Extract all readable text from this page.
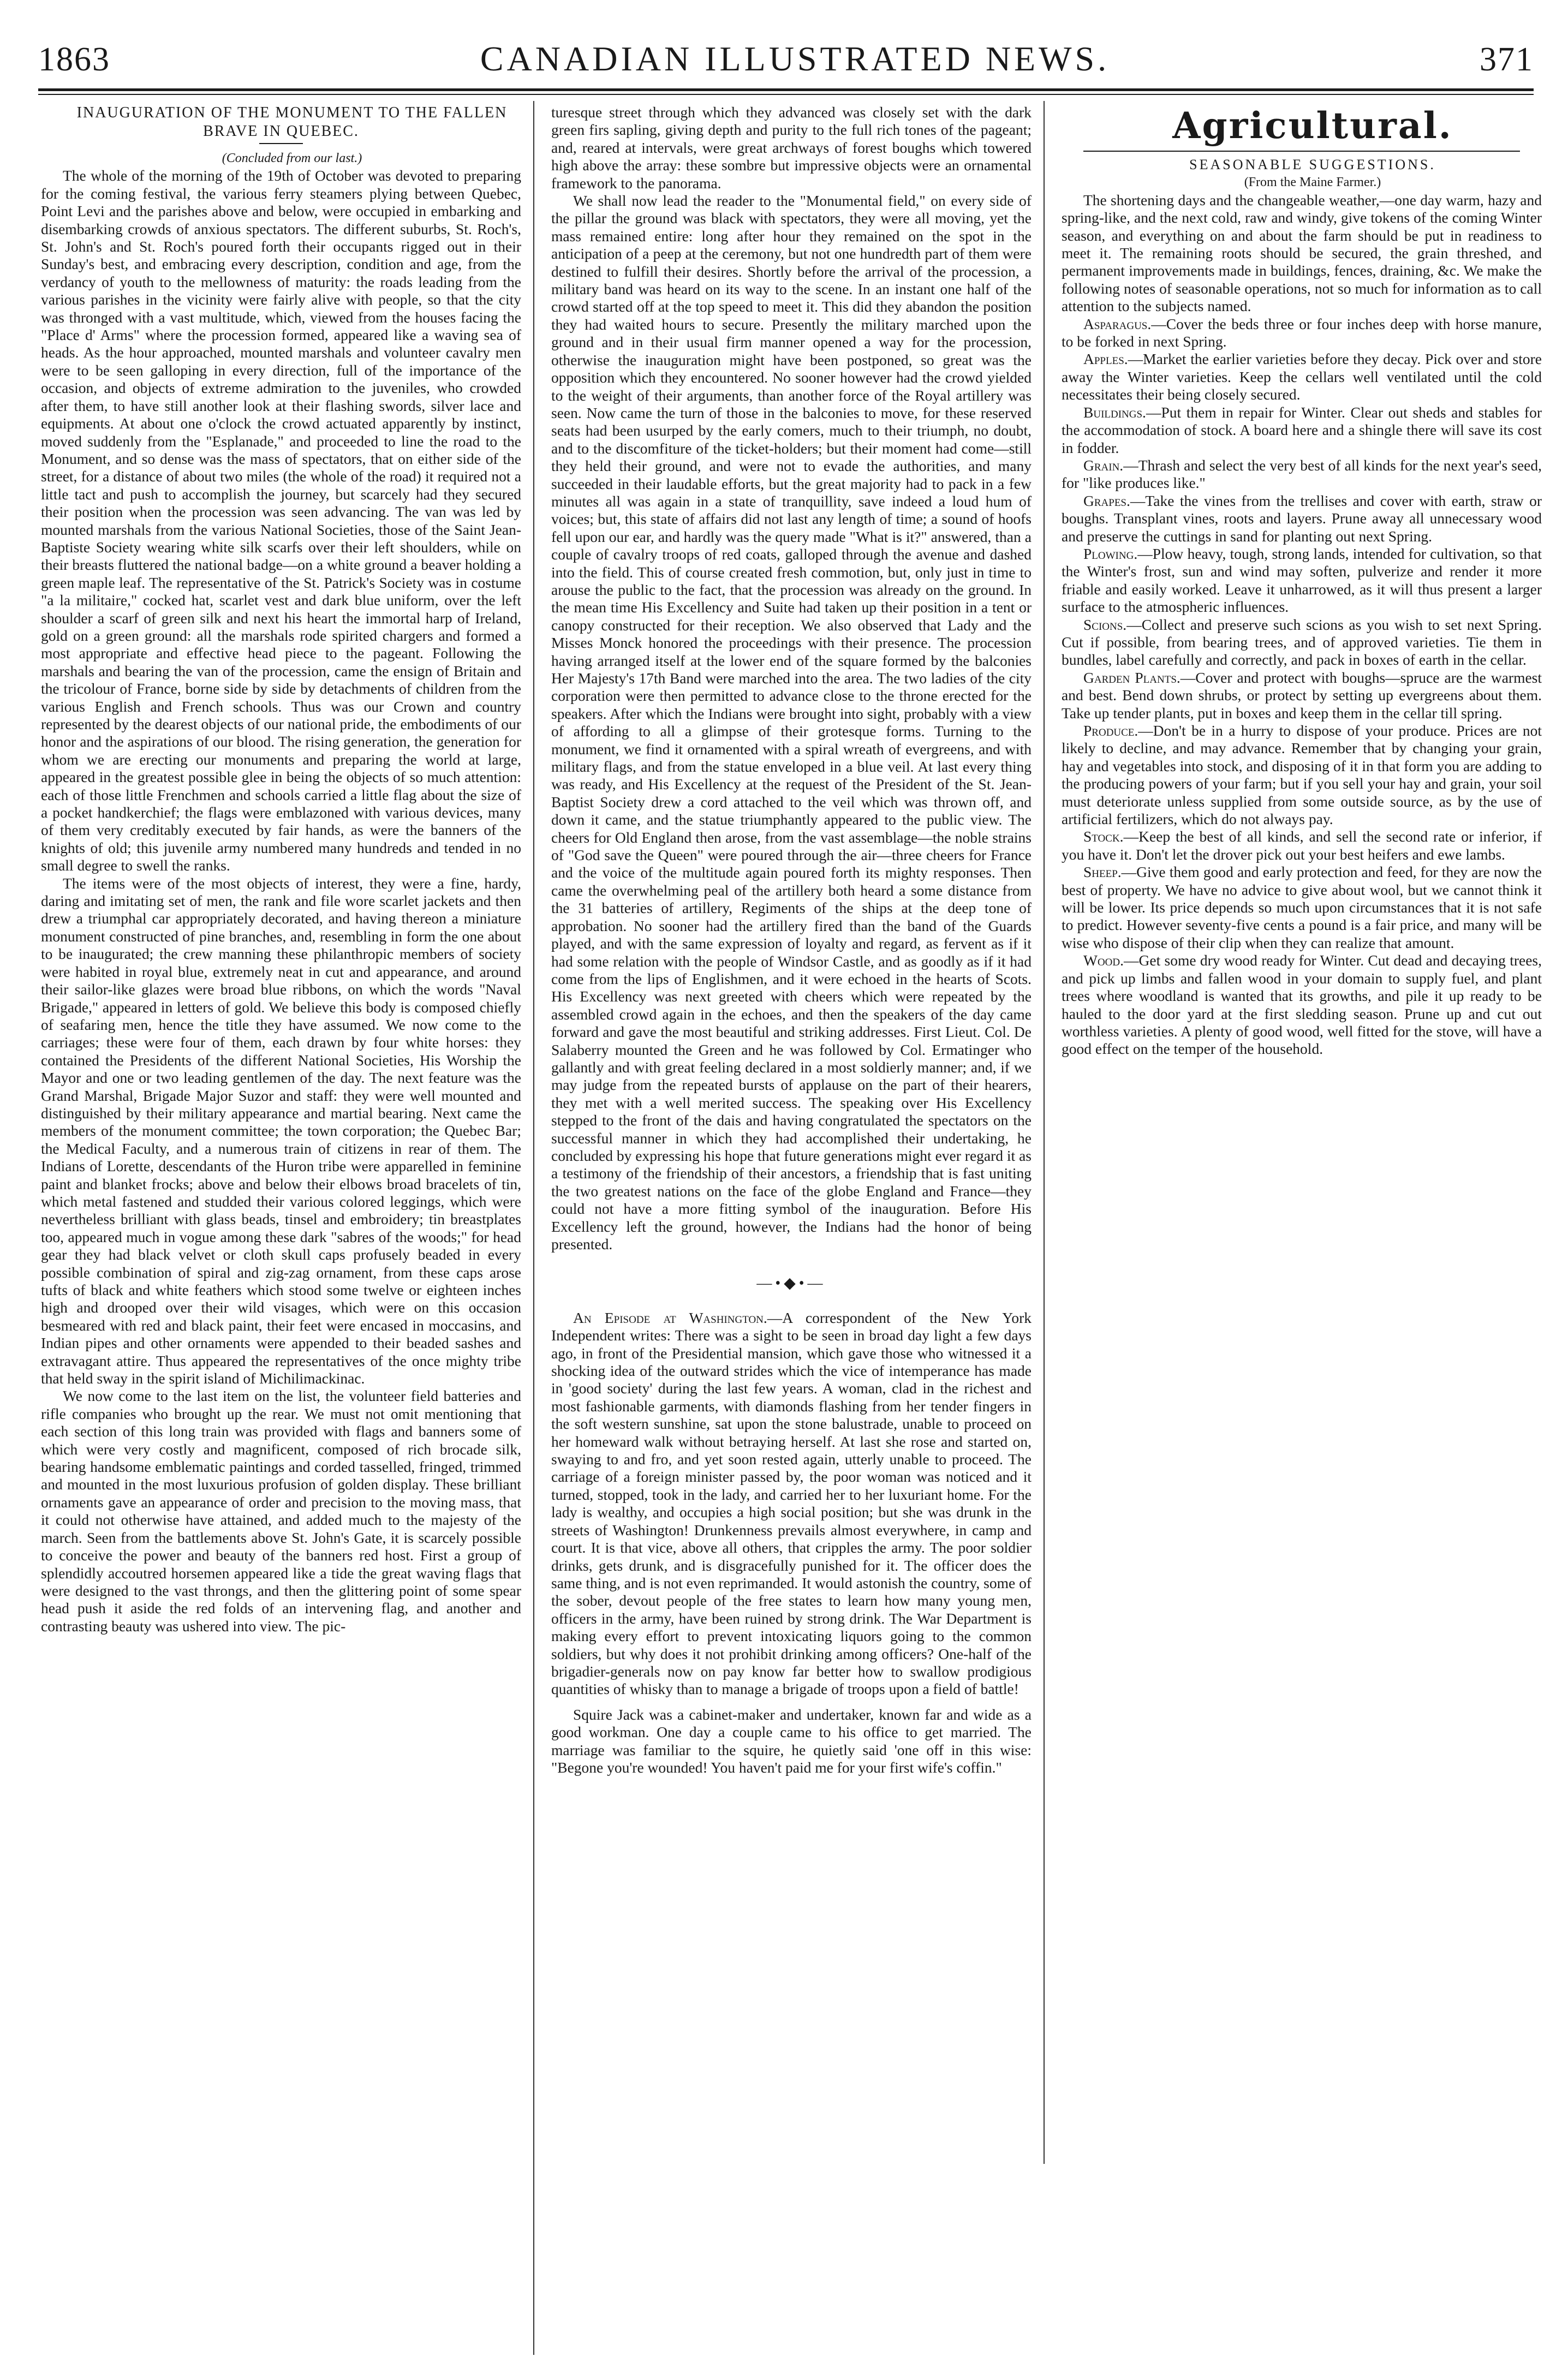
1863	CANADIAN ILLUSTRATED NEWS.	371

INAUGURATION OF THE MONUMENT TO THE FALLEN BRAVE IN QUEBEC.

(Concluded from our last.)

The whole of the morning of the 19th of October was devoted to preparing for the coming festival, the various ferry steamers plying between Quebec, Point Levi and the parishes above and below, were occupied in embarking and disembarking crowds of anxious spectators. The different suburbs, St. Roch's, St. John's and St. Roch's poured forth their occupants rigged out in their Sunday's best, and embracing every description, condition and age, from the verdancy of youth to the mellowness of maturity: the roads leading from the various parishes in the vicinity were fairly alive with people, so that the city was thronged with a vast multitude, which, viewed from the houses facing the "Place d' Arms" where the procession formed, appeared like a waving sea of heads. As the hour approached, mounted marshals and volunteer cavalry men were to be seen galloping in every direction, full of the importance of the occasion, and objects of extreme admiration to the juveniles, who crowded after them, to have still another look at their flashing swords, silver lace and equipments. At about one o'clock the crowd actuated apparently by instinct, moved suddenly from the "Esplanade," and proceeded to line the road to the Monument, and so dense was the mass of spectators, that on either side of the street, for a distance of about two miles (the whole of the road) it required not a little tact and push to accomplish the journey, but scarcely had they secured their position when the procession was seen advancing. The van was led by mounted marshals from the various National Societies, those of the Saint Jean-Baptiste Society wearing white silk scarfs over their left shoulders, while on their breasts fluttered the national badge—on a white ground a beaver holding a green maple leaf. The representative of the St. Patrick's Society was in costume "a la militaire," cocked hat, scarlet vest and dark blue uniform, over the left shoulder a scarf of green silk and next his heart the immortal harp of Ireland, gold on a green ground: all the marshals rode spirited chargers and formed a most appropriate and effective head piece to the pageant. Following the marshals and bearing the van of the procession, came the ensign of Britain and the tricolour of France, borne side by side by detachments of children from the various English and French schools. Thus was our Crown and country represented by the dearest objects of our national pride, the embodiments of our honor and the aspirations of our blood. The rising generation, the generation for whom we are erecting our monuments and preparing the world at large, appeared in the greatest possible glee in being the objects of so much attention: each of those little Frenchmen and schools carried a little flag about the size of a pocket handkerchief; the flags were emblazoned with various devices, many of them very creditably executed by fair hands, as were the banners of the knights of old; this juvenile army numbered many hundreds and tended in no small degree to swell the ranks.

The items were of the most objects of interest, they were a fine, hardy, daring and imitating set of men, the rank and file wore scarlet jackets and then drew a triumphal car appropriately decorated, and having thereon a miniature monument constructed of pine branches, and, resembling in form the one about to be inaugurated; the crew manning these philanthropic members of society were habited in royal blue, extremely neat in cut and appearance, and around their sailor-like glazes were broad blue ribbons, on which the words "Naval Brigade," appeared in letters of gold. We believe this body is composed chiefly of seafaring men, hence the title they have assumed. We now come to the carriages; these were four of them, each drawn by four white horses: they contained the Presidents of the different National Societies, His Worship the Mayor and one or two leading gentlemen of the day. The next feature was the Grand Marshal, Brigade Major Suzor and staff: they were well mounted and distinguished by their military appearance and martial bearing. Next came the members of the monument committee; the town corporation; the Quebec Bar; the Medical Faculty, and a numerous train of citizens in rear of them. The Indians of Lorette, descendants of the Huron tribe were apparelled in feminine paint and blanket frocks; above and below their elbows broad bracelets of tin, which metal fastened and studded their various colored leggings, which were nevertheless brilliant with glass beads, tinsel and embroidery; tin breastplates too, appeared much in vogue among these dark "sabres of the woods;" for head gear they had black velvet or cloth skull caps profusely beaded in every possible combination of spiral and zig-zag ornament, from these caps arose tufts of black and white feathers which stood some twelve or eighteen inches high and drooped over their wild visages, which were on this occasion besmeared with red and black paint, their feet were encased in moccasins, and Indian pipes and other ornaments were appended to their beaded sashes and extravagant attire. Thus appeared the representatives of the once mighty tribe that held sway in the spirit island of Michilimackinac.

We now come to the last item on the list, the volunteer field batteries and rifle companies who brought up the rear. We must not omit mentioning that each section of this long train was provided with flags and banners some of which were very costly and magnificent, composed of rich brocade silk, bearing handsome emblematic paintings and corded tasselled, fringed, trimmed and mounted in the most luxurious profusion of golden display. These brilliant ornaments gave an appearance of order and precision to the moving mass, that it could not otherwise have attained, and added much to the majesty of the march. Seen from the battlements above St. John's Gate, it is scarcely possible to conceive the power and beauty of the banners red host. First a group of splendidly accoutred horsemen appeared like a tide the great waving flags that were designed to the vast throngs, and then the glittering point of some spear head push it aside the red folds of an intervening flag, and another and contrasting beauty was ushered into view. The pic-

turesque street through which they advanced was closely set with the dark green firs sapling, giving depth and purity to the full rich tones of the pageant; and, reared at intervals, were great archways of forest boughs which towered high above the array: these sombre but impressive objects were an ornamental framework to the panorama.

We shall now lead the reader to the "Monumental field," on every side of the pillar the ground was black with spectators, they were all moving, yet the mass remained entire: long after hour they remained on the spot in the anticipation of a peep at the ceremony, but not one hundredth part of them were destined to fulfill their desires. Shortly before the arrival of the procession, a military band was heard on its way to the scene. In an instant one half of the crowd started off at the top speed to meet it. This did they abandon the position they had waited hours to secure. Presently the military marched upon the ground and in their usual firm manner opened a way for the procession, otherwise the inauguration might have been postponed, so great was the opposition which they encountered. No sooner however had the crowd yielded to the weight of their arguments, than another force of the Royal artillery was seen. Now came the turn of those in the balconies to move, for these reserved seats had been usurped by the early comers, much to their triumph, no doubt, and to the discomfiture of the ticket-holders; but their moment had come—still they held their ground, and were not to evade the authorities, and many succeeded in their laudable efforts, but the great majority had to pack in a few minutes all was again in a state of tranquillity, save indeed a loud hum of voices; but, this state of affairs did not last any length of time; a sound of hoofs fell upon our ear, and hardly was the query made "What is it?" answered, than a couple of cavalry troops of red coats, galloped through the avenue and dashed into the field. This of course created fresh commotion, but, only just in time to arouse the public to the fact, that the procession was already on the ground. In the mean time His Excellency and Suite had taken up their position in a tent or canopy constructed for their reception. We also observed that Lady and the Misses Monck honored the proceedings with their presence. The procession having arranged itself at the lower end of the square formed by the balconies Her Majesty's 17th Band were marched into the area. The two ladies of the city corporation were then permitted to advance close to the throne erected for the speakers. After which the Indians were brought into sight, probably with a view of affording to all a glimpse of their grotesque forms. Turning to the monument, we find it ornamented with a spiral wreath of evergreens, and with military flags, and from the statue enveloped in a blue veil. At last every thing was ready, and His Excellency at the request of the President of the St. Jean-Baptist Society drew a cord attached to the veil which was thrown off, and down it came, and the statue triumphantly appeared to the public view. The cheers for Old England then arose, from the vast assemblage—the noble strains of "God save the Queen" were poured through the air—three cheers for France and the voice of the multitude again poured forth its mighty responses. Then came the overwhelming peal of the artillery both heard a some distance from the 31 batteries of artillery, Regiments of the ships at the deep tone of approbation. No sooner had the artillery fired than the band of the Guards played, and with the same expression of loyalty and regard, as fervent as if it had some relation with the people of Windsor Castle, and as goodly as if it had come from the lips of Englishmen, and it were echoed in the hearts of Scots. His Excellency was next greeted with cheers which were repeated by the assembled crowd again in the echoes, and then the speakers of the day came forward and gave the most beautiful and striking addresses. First Lieut. Col. De Salaberry mounted the Green and he was followed by Col. Ermatinger who gallantly and with great feeling declared in a most soldierly manner; and, if we may judge from the repeated bursts of applause on the part of their hearers, they met with a well merited success. The speaking over His Excellency stepped to the front of the dais and having congratulated the spectators on the successful manner in which they had accomplished their undertaking, he concluded by expressing his hope that future generations might ever regard it as a testimony of the friendship of their ancestors, a friendship that is fast uniting the two greatest nations on the face of the globe England and France—they could not have a more fitting symbol of the inauguration. Before His Excellency left the ground, however, the Indians had the honor of being presented.

—•◆•—

An Episode at Washington.—A correspondent of the New York Independent writes: There was a sight to be seen in broad day light a few days ago, in front of the Presidential mansion, which gave those who witnessed it a shocking idea of the outward strides which the vice of intemperance has made in 'good society' during the last few years. A woman, clad in the richest and most fashionable garments, with diamonds flashing from her tender fingers in the soft western sunshine, sat upon the stone balustrade, unable to proceed on her homeward walk without betraying herself. At last she rose and started on, swaying to and fro, and yet soon rested again, utterly unable to proceed. The carriage of a foreign minister passed by, the poor woman was noticed and it turned, stopped, took in the lady, and carried her to her luxuriant home. For the lady is wealthy, and occupies a high social position; but she was drunk in the streets of Washington! Drunkenness prevails almost everywhere, in camp and court. It is that vice, above all others, that cripples the army. The poor soldier drinks, gets drunk, and is disgracefully punished for it. The officer does the same thing, and is not even reprimanded. It would astonish the country, some of the sober, devout people of the free states to learn how many young men, officers in the army, have been ruined by strong drink. The War Department is making every effort to prevent intoxicating liquors going to the common soldiers, but why does it not prohibit drinking among officers? One-half of the brigadier-generals now on pay know far better how to swallow prodigious quantities of whisky than to manage a brigade of troops upon a field of battle!

Squire Jack was a cabinet-maker and undertaker, known far and wide as a good workman. One day a couple came to his office to get married. The marriage was familiar to the squire, he quietly said 'one off in this wise: "Begone you're wounded! You haven't paid me for your first wife's coffin."

Agricultural.

SEASONABLE SUGGESTIONS.

(From the Maine Farmer.)

The shortening days and the changeable weather,—one day warm, hazy and spring-like, and the next cold, raw and windy, give tokens of the coming Winter season, and everything on and about the farm should be put in readiness to meet it. The remaining roots should be secured, the grain threshed, and permanent improvements made in buildings, fences, draining, &c. We make the following notes of seasonable operations, not so much for information as to call attention to the subjects named.

Asparagus.—Cover the beds three or four inches deep with horse manure, to be forked in next Spring.

Apples.—Market the earlier varieties before they decay. Pick over and store away the Winter varieties. Keep the cellars well ventilated until the cold necessitates their being closely secured.

Buildings.—Put them in repair for Winter. Clear out sheds and stables for the accommodation of stock. A board here and a shingle there will save its cost in fodder.

Grain.—Thrash and select the very best of all kinds for the next year's seed, for "like produces like."

Grapes.—Take the vines from the trellises and cover with earth, straw or boughs. Transplant vines, roots and layers. Prune away all unnecessary wood and preserve the cuttings in sand for planting out next Spring.

Plowing.—Plow heavy, tough, strong lands, intended for cultivation, so that the Winter's frost, sun and wind may soften, pulverize and render it more friable and easily worked. Leave it unharrowed, as it will thus present a larger surface to the atmospheric influences.

Scions.—Collect and preserve such scions as you wish to set next Spring. Cut if possible, from bearing trees, and of approved varieties. Tie them in bundles, label carefully and correctly, and pack in boxes of earth in the cellar.

Garden Plants.—Cover and protect with boughs—spruce are the warmest and best. Bend down shrubs, or protect by setting up evergreens about them. Take up tender plants, put in boxes and keep them in the cellar till spring.

Produce.—Don't be in a hurry to dispose of your produce. Prices are not likely to decline, and may advance. Remember that by changing your grain, hay and vegetables into stock, and disposing of it in that form you are adding to the producing powers of your farm; but if you sell your hay and grain, your soil must deteriorate unless supplied from some outside source, as by the use of artificial fertilizers, which do not always pay.

Stock.—Keep the best of all kinds, and sell the second rate or inferior, if you have it. Don't let the drover pick out your best heifers and ewe lambs.

Sheep.—Give them good and early protection and feed, for they are now the best of property. We have no advice to give about wool, but we cannot think it will be lower. Its price depends so much upon circumstances that it is not safe to predict. However seventy-five cents a pound is a fair price, and many will be wise who dispose of their clip when they can realize that amount.

Wood.—Get some dry wood ready for Winter. Cut dead and decaying trees, and pick up limbs and fallen wood in your domain to supply fuel, and plant trees where woodland is wanted that its growths, and pile it up ready to be hauled to the door yard at the first sledding season. Prune up and cut out worthless varieties. A plenty of good wood, well fitted for the stove, will have a good effect on the temper of the household.
